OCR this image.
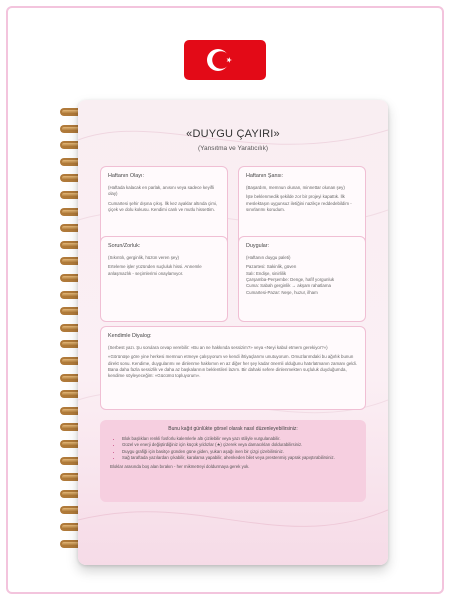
«DUYGU ÇAYIRI»
(Yansıtma ve Yaratıcılık)
Haftanın Olayı:

(Haftada kalacak en parlak, anısını veya sadece keyifli olay)

Cumartesi şehir dışına çıkış. İlk kez ayaklar altında çimi, çiçek ve dolu kokusu. Kendimi canlı ve mutlu hissettim.

Haftanın Şansı:

(Başardım, memnun olunan, minnettar olunan şey)

İşte beklenmedik şekilde zor bir projeyi kapattık. İlk meslektaşın uygunsuz iletiğini nazikçe reddedebildim - sınırlarımı korudum.

Sorun/Zorluk:

(Sıkıntılı, gerginlik, hüzün veren şey)

Erteleme işler yüzünden suçluluk hissi. Annemle anlaşmazlık - seçimlerimi onaylamıyor.

Duygular:

(Haftanın duygu paleti)

Pazartesi: Sakinlik, güven
Salı: Endişe, sinirlilik
Çarşamba-Perşembe: Denge, hafif yorgunluk
Cuma: Sabah gerginlik → akşam rahatlama
Cumartesi-Pazar: Neşe, huzur, ilham
Kendimle Diyalog:

(Serbest yazı. Şu sorulara cevap verebilir: «Bu an ne hakkında sessizim?» veya «Neyi kabul etmem gerekiyor?»)

«Görünüşe göre yine herkesi memnun etmeye çalışıyorum ve kendi ihtiyaçlarımı unutuyorum. Omuzlarımdaki bu ağırlık bunun direkt sonu. Kendime, duygularımı ve dinlenme hakkımın en az diğer her şey kadar önemli olduğunu hatırlatmanın zamanı geldi. Bana daha fazla sessizlik ve daha az başkalarının beklentileri lazım. Bir dahaki sefere dinlenmekten suçluluk duyduğumda, kendime söyleyeceğim: «Gücümü topluyorum».

Bunu kağıt günlükte görsel olarak nasıl düzenleyebilirsiniz:
• Blok başlıkları renkli fosforlu kalemlerle altı çizilebilir veya yazı stiliyle vurgulanabilir.
• Güzel ve enerji değiştirdiğiniz için küçük yıldızlar (★) çizerek veya damacıkları doldurabilirsiniz.
• Duygu grafiği için basitçe günden güne giden, yukarı aşağı inen bir çizgi çizebilirsiniz.
• Sağ taraftada yazılardan çıkabilir, karalama yapabilir, ahenkeden bilet veya prestenmiş yaprak yapıştırabilirsiniz.
Bloklar arasında boş alan bırakın - her mikmetreyi doldurmaya gerek yok.
